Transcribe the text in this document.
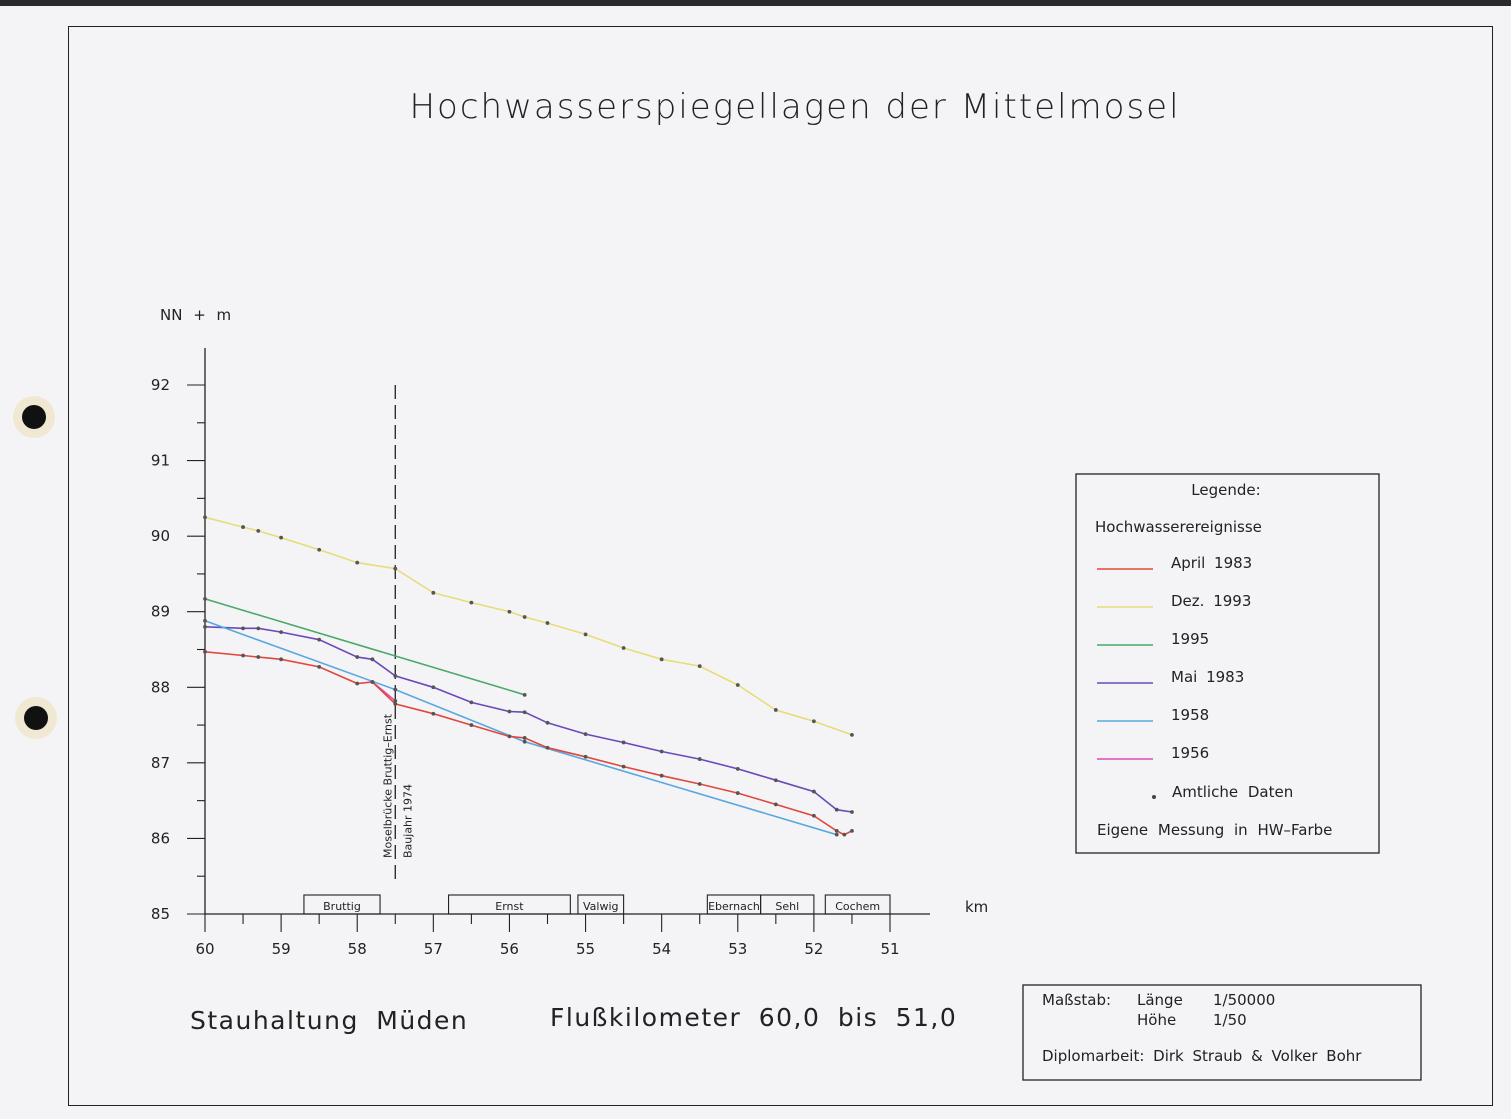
Hochwasserspiegellagen der Mittelmosel
NN + m
km
60	59	58	57	56	55	54	53	52	51
85
86
87
88
89
90
91
92
Bruttig	Ernst	Valwig	Ebernach Sehl	Cochem
Moselbrücke Bruttig–Ernst Baujahr 1974
Legende:
Hochwasserereignisse
April 1983
Dez. 1993
1995
Mai 1983
1958
1956
Amtliche Daten
Eigene Messung in HW–Farbe
Stauhaltung Müden	Flußkilometer 60,0 bis 51,0
Maßstab: Länge 1/50000
Höhe 1/50
Diplomarbeit: Dirk Straub & Volker Bohr
